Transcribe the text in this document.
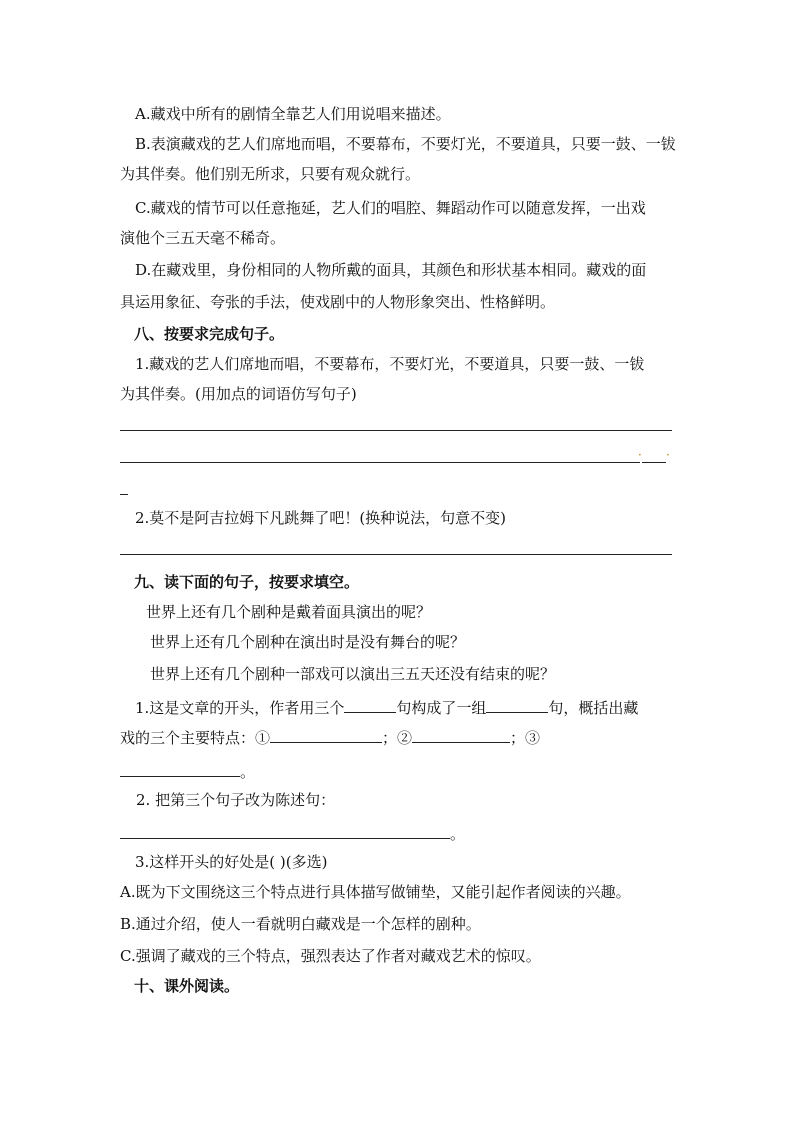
A.藏戏中所有的剧情全靠艺人们用说唱来描述。
B.表演藏戏的艺人们席地而唱，不要幕布，不要灯光，不要道具，只要一鼓、一钹
为其伴奏。他们别无所求，只要有观众就行。
C.藏戏的情节可以任意拖延，艺人们的唱腔、舞蹈动作可以随意发挥，一出戏
演他个三五天毫不稀奇。
D.在藏戏里，身份相同的人物所戴的面具，其颜色和形状基本相同。藏戏的面
具运用象征、夸张的手法，使戏剧中的人物形象突出、性格鲜明。
八、按要求完成句子。
1.藏戏的艺人们席地而唱，不要幕布，不要灯光，不要道具，只要一鼓、一钹
为其伴奏。(用加点的词语仿写句子)
· ·
2.莫不是阿吉拉姆下凡跳舞了吧！(换种说法，句意不变)
九、读下面的句子，按要求填空。
世界上还有几个剧种是戴着面具演出的呢？
世界上还有几个剧种在演出时是没有舞台的呢？
世界上还有几个剧种一部戏可以演出三五天还没有结束的呢？
1.这是文章的开头，作者用三个	句构成了一组	句，概括出藏
戏的三个主要特点：①	；②	；③
。
2. 把第三个句子改为陈述句：
。
3.这样开头的好处是( )(多选)
A.既为下文围绕这三个特点进行具体描写做铺垫，又能引起作者阅读的兴趣。
B.通过介绍，使人一看就明白藏戏是一个怎样的剧种。
C.强调了藏戏的三个特点，强烈表达了作者对藏戏艺术的惊叹。
十、课外阅读。
